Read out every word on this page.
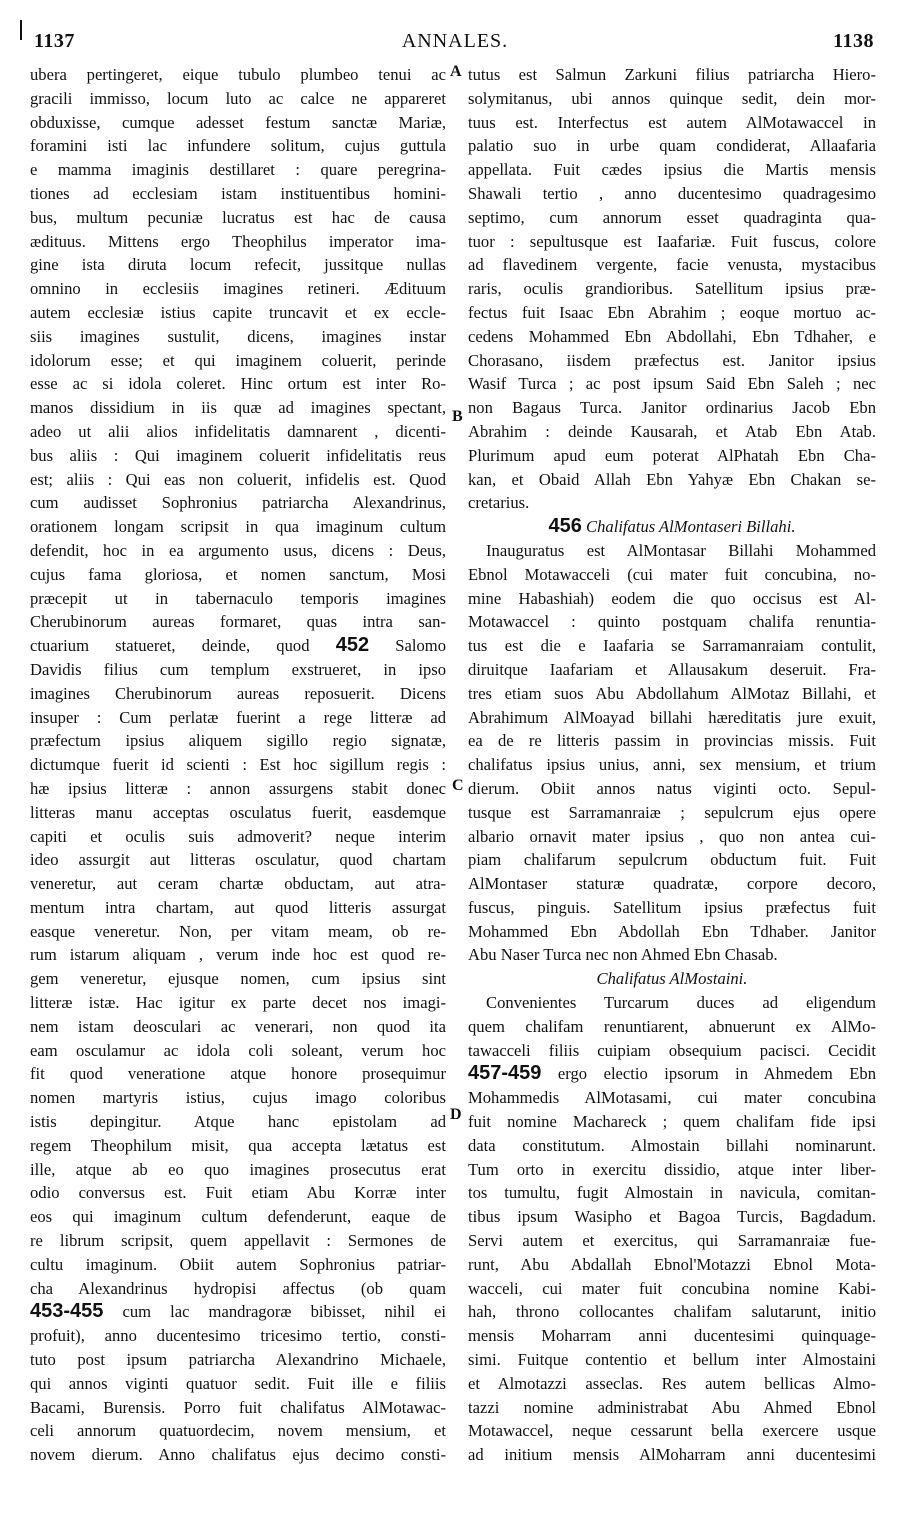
1137	ANNALES.	1138
A
B
C
D
ubera pertingeret, eique tubulo plumbeo tenui ac
gracili immisso, locum luto ac calce ne appareret
obduxisse, cumque adesset festum sanctæ Mariæ,
foramini isti lac infundere solitum, cujus guttula
e mamma imaginis destillaret : quare peregrina-
tiones ad ecclesiam istam instituentibus homini-
bus, multum pecuniæ lucratus est hac de causa
ædituus. Mittens ergo Theophilus imperator ima-
gine ista diruta locum refecit, jussitque nullas
omnino in ecclesiis imagines retineri. Ædituum
autem ecclesiæ istius capite truncavit et ex eccle-
siis imagines sustulit, dicens, imagines instar
idolorum esse; et qui imaginem coluerit, perinde
esse ac si idola coleret. Hinc ortum est inter Ro-
manos dissidium in iis quæ ad imagines spectant,
adeo ut alii alios infidelitatis damnarent , dicenti-
bus aliis : Qui imaginem coluerit infidelitatis reus
est; aliis : Qui eas non coluerit, infidelis est. Quod
cum audisset Sophronius patriarcha Alexandrinus,
orationem longam scripsit in qua imaginum cultum
defendit, hoc in ea argumento usus, dicens : Deus,
cujus fama gloriosa, et nomen sanctum, Mosi
præcepit ut in tabernaculo temporis imagines
Cherubinorum aureas formaret, quas intra san-
ctuarium statueret, deinde, quod 452 Salomo
Davidis filius cum templum exstrueret, in ipso
imagines Cherubinorum aureas reposuerit. Dicens
insuper : Cum perlatæ fuerint a rege litteræ ad
præfectum ipsius aliquem sigillo regio signatæ,
dictumque fuerit id scienti : Est hoc sigillum regis :
hæ ipsius litteræ : annon assurgens stabit donec
litteras manu acceptas osculatus fuerit, easdemque
capiti et oculis suis admoverit? neque interim
ideo assurgit aut litteras osculatur, quod chartam
veneretur, aut ceram chartæ obductam, aut atra-
mentum intra chartam, aut quod litteris assurgat
easque veneretur. Non, per vitam meam, ob re-
rum istarum aliquam , verum inde hoc est quod re-
gem veneretur, ejusque nomen, cum ipsius sint
litteræ istæ. Hac igitur ex parte decet nos imagi-
nem istam deosculari ac venerari, non quod ita
eam osculamur ac idola coli soleant, verum hoc
fit quod veneratione atque honore prosequimur
nomen martyris istius, cujus imago coloribus
istis depingitur. Atque hanc epistolam ad
regem Theophilum misit, qua accepta lætatus est
ille, atque ab eo quo imagines prosecutus erat
odio conversus est. Fuit etiam Abu Korræ inter
eos qui imaginum cultum defenderunt, eaque de
re librum scripsit, quem appellavit : Sermones de
cultu imaginum. Obiit autem Sophronius patriar-
cha Alexandrinus hydropisi affectus (ob quam
453-455 cum lac mandragoræ bibisset, nihil ei
profuit), anno ducentesimo tricesimo tertio, consti-
tuto post ipsum patriarcha Alexandrino Michaele,
qui annos viginti quatuor sedit. Fuit ille e filiis
Bacami, Burensis. Porro fuit chalifatus AlMotawac-
celi annorum quatuordecim, novem mensium, et
novem dierum. Anno chalifatus ejus decimo consti-
tutus est Salmun Zarkuni filius patriarcha Hiero-
solymitanus, ubi annos quinque sedit, dein mor-
tuus est. Interfectus est autem AlMotawaccel in
palatio suo in urbe quam condiderat, Allaafaria
appellata. Fuit cædes ipsius die Martis mensis
Shawali tertio , anno ducentesimo quadragesimo
septimo, cum annorum esset quadraginta qua-
tuor : sepultusque est Iaafariæ. Fuit fuscus, colore
ad flavedinem vergente, facie venusta, mystacibus
raris, oculis grandioribus. Satellitum ipsius præ-
fectus fuit Isaac Ebn Abrahim ; eoque mortuo ac-
cedens Mohammed Ebn Abdollahi, Ebn Tdhaher, e
Chorasano, iisdem præfectus est. Janitor ipsius
Wasif Turca ; ac post ipsum Said Ebn Saleh ; nec
non Bagaus Turca. Janitor ordinarius Jacob Ebn
Abrahim : deinde Kausarah, et Atab Ebn Atab.
Plurimum apud eum poterat AlPhatah Ebn Cha-
kan, et Obaid Allah Ebn Yahyæ Ebn Chakan se-
cretarius.
456 Chalifatus AlMontaseri Billahi.
Inauguratus est AlMontasar Billahi Mohammed
Ebnol Motawacceli (cui mater fuit concubina, no-
mine Habashiah) eodem die quo occisus est Al-
Motawaccel : quinto postquam chalifa renuntia-
tus est die e Iaafaria se Sarramanraiam contulit,
diruitque Iaafariam et Allausakum deseruit. Fra-
tres etiam suos Abu Abdollahum AlMotaz Billahi, et
Abrahimum AlMoayad billahi hæreditatis jure exuit,
ea de re litteris passim in provincias missis. Fuit
chalifatus ipsius unius, anni, sex mensium, et trium
dierum. Obiit annos natus viginti octo. Sepul-
tusque est Sarramanraiæ ; sepulcrum ejus opere
albario ornavit mater ipsius , quo non antea cui-
piam chalifarum sepulcrum obductum fuit. Fuit
AlMontaser staturæ quadratæ, corpore decoro,
fuscus, pinguis. Satellitum ipsius præfectus fuit
Mohammed Ebn Abdollah Ebn Tdhaber. Janitor
Abu Naser Turca nec non Ahmed Ebn Chasab.
Chalifatus AlMostaini.
Convenientes Turcarum duces ad eligendum
quem chalifam renuntiarent, abnuerunt ex AlMo-
tawacceli filiis cuipiam obsequium pacisci. Cecidit
457-459 ergo electio ipsorum in Ahmedem Ebn
Mohammedis AlMotasami, cui mater concubina
fuit nomine Machareck ; quem chalifam fide ipsi
data constitutum. Almostain billahi nominarunt.
Tum orto in exercitu dissidio, atque inter liber-
tos tumultu, fugit Almostain in navicula, comitan-
tibus ipsum Wasipho et Bagoa Turcis, Bagdadum.
Servi autem et exercitus, qui Sarramanraiæ fue-
runt, Abu Abdallah Ebnol'Motazzi Ebnol Mota-
wacceli, cui mater fuit concubina nomine Kabi-
hah, throno collocantes chalifam salutarunt, initio
mensis Moharram anni ducentesimi quinquage-
simi. Fuitque contentio et bellum inter Almostaini
et Almotazzi asseclas. Res autem bellicas Almo-
tazzi nomine administrabat Abu Ahmed Ebnol
Motawaccel, neque cessarunt bella exercere usque
ad initium mensis AlMoharram anni ducentesimi
